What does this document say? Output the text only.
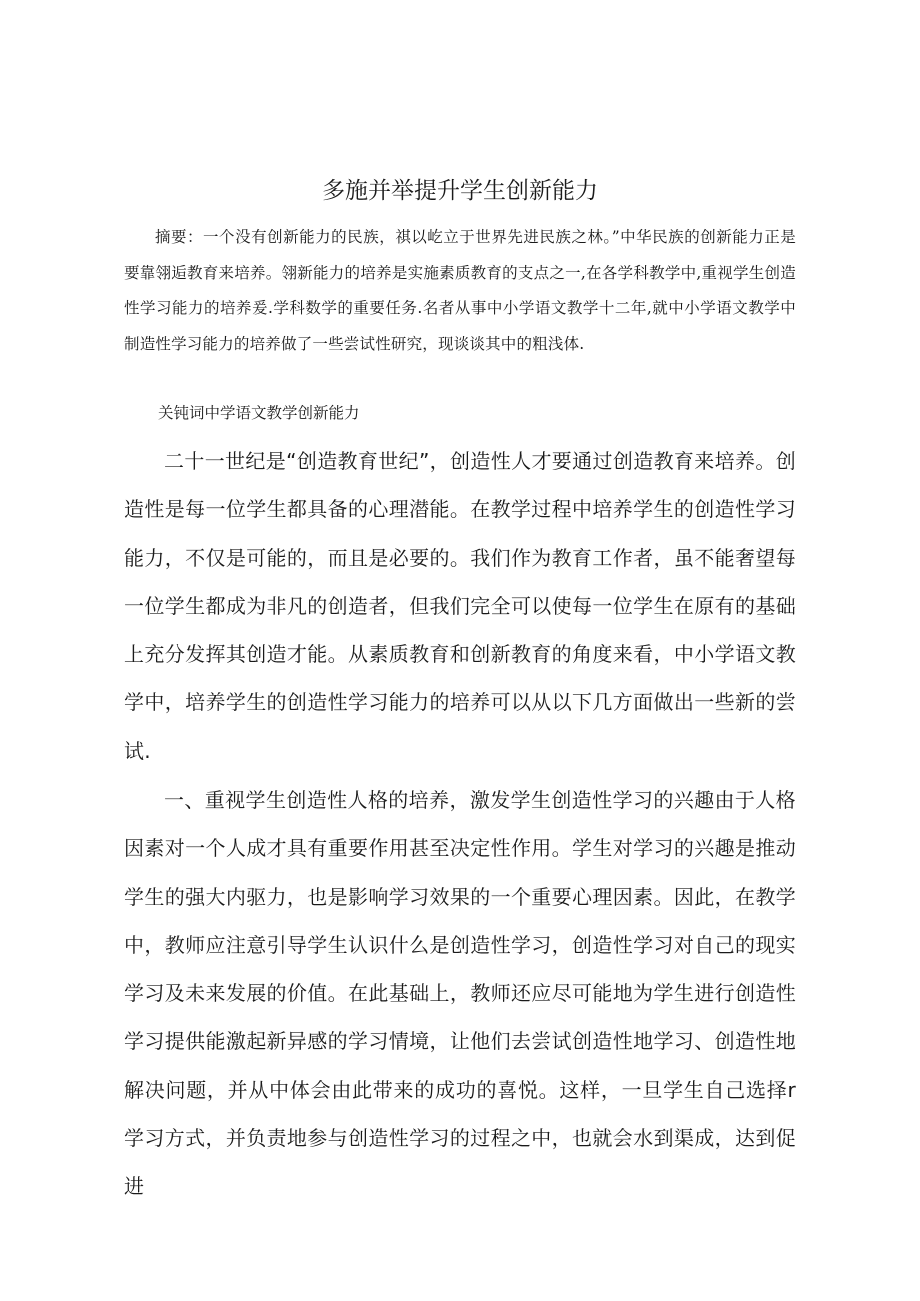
多施并举提升学生创新能力

摘要：一个没有创新能力的民族，祺以屹立于世界先进民族之林。”中华民族的创新能力正是要靠翎逅教育来培养。翎新能力的培养是实施素质教育的支点之一,在各学科教学中,重视学生创造性学习能力的培养爰.学科数学的重要任务.名者从事中小学语文教学十二年,就中小学语文教学中制造性学习能力的培养做了一些尝试性研究，现谈谈其中的粗浅体.

关钝词中学语文教学创新能力

二十一世纪是“创造教育世纪”，创造性人才要通过创造教育来培养。创造性是每一位学生都具备的心理潜能。在教学过程中培养学生的创造性学习能力，不仅是可能的，而且是必要的。我们作为教育工作者，虽不能奢望每一位学生都成为非凡的创造者，但我们完全可以使每一位学生在原有的基础上充分发挥其创造才能。从素质教育和创新教育的角度来看，中小学语文教学中，培养学生的创造性学习能力的培养可以从以下几方面做出一些新的尝试.

一、重视学生创造性人格的培养，激发学生创造性学习的兴趣由于人格因素对一个人成才具有重要作用甚至决定性作用。学生对学习的兴趣是推动学生的强大内驱力，也是影响学习效果的一个重要心理因素。因此，在教学中，教师应注意引导学生认识什么是创造性学习，创造性学习对自己的现实学习及未来发展的价值。在此基础上，教师还应尽可能地为学生进行创造性学习提供能激起新异感的学习情境，让他们去尝试创造性地学习、创造性地解决问题，并从中体会由此带来的成功的喜悦。这样，一旦学生自己选择r学习方式，并负责地参与创造性学习的过程之中，也就会水到渠成，达到促进
